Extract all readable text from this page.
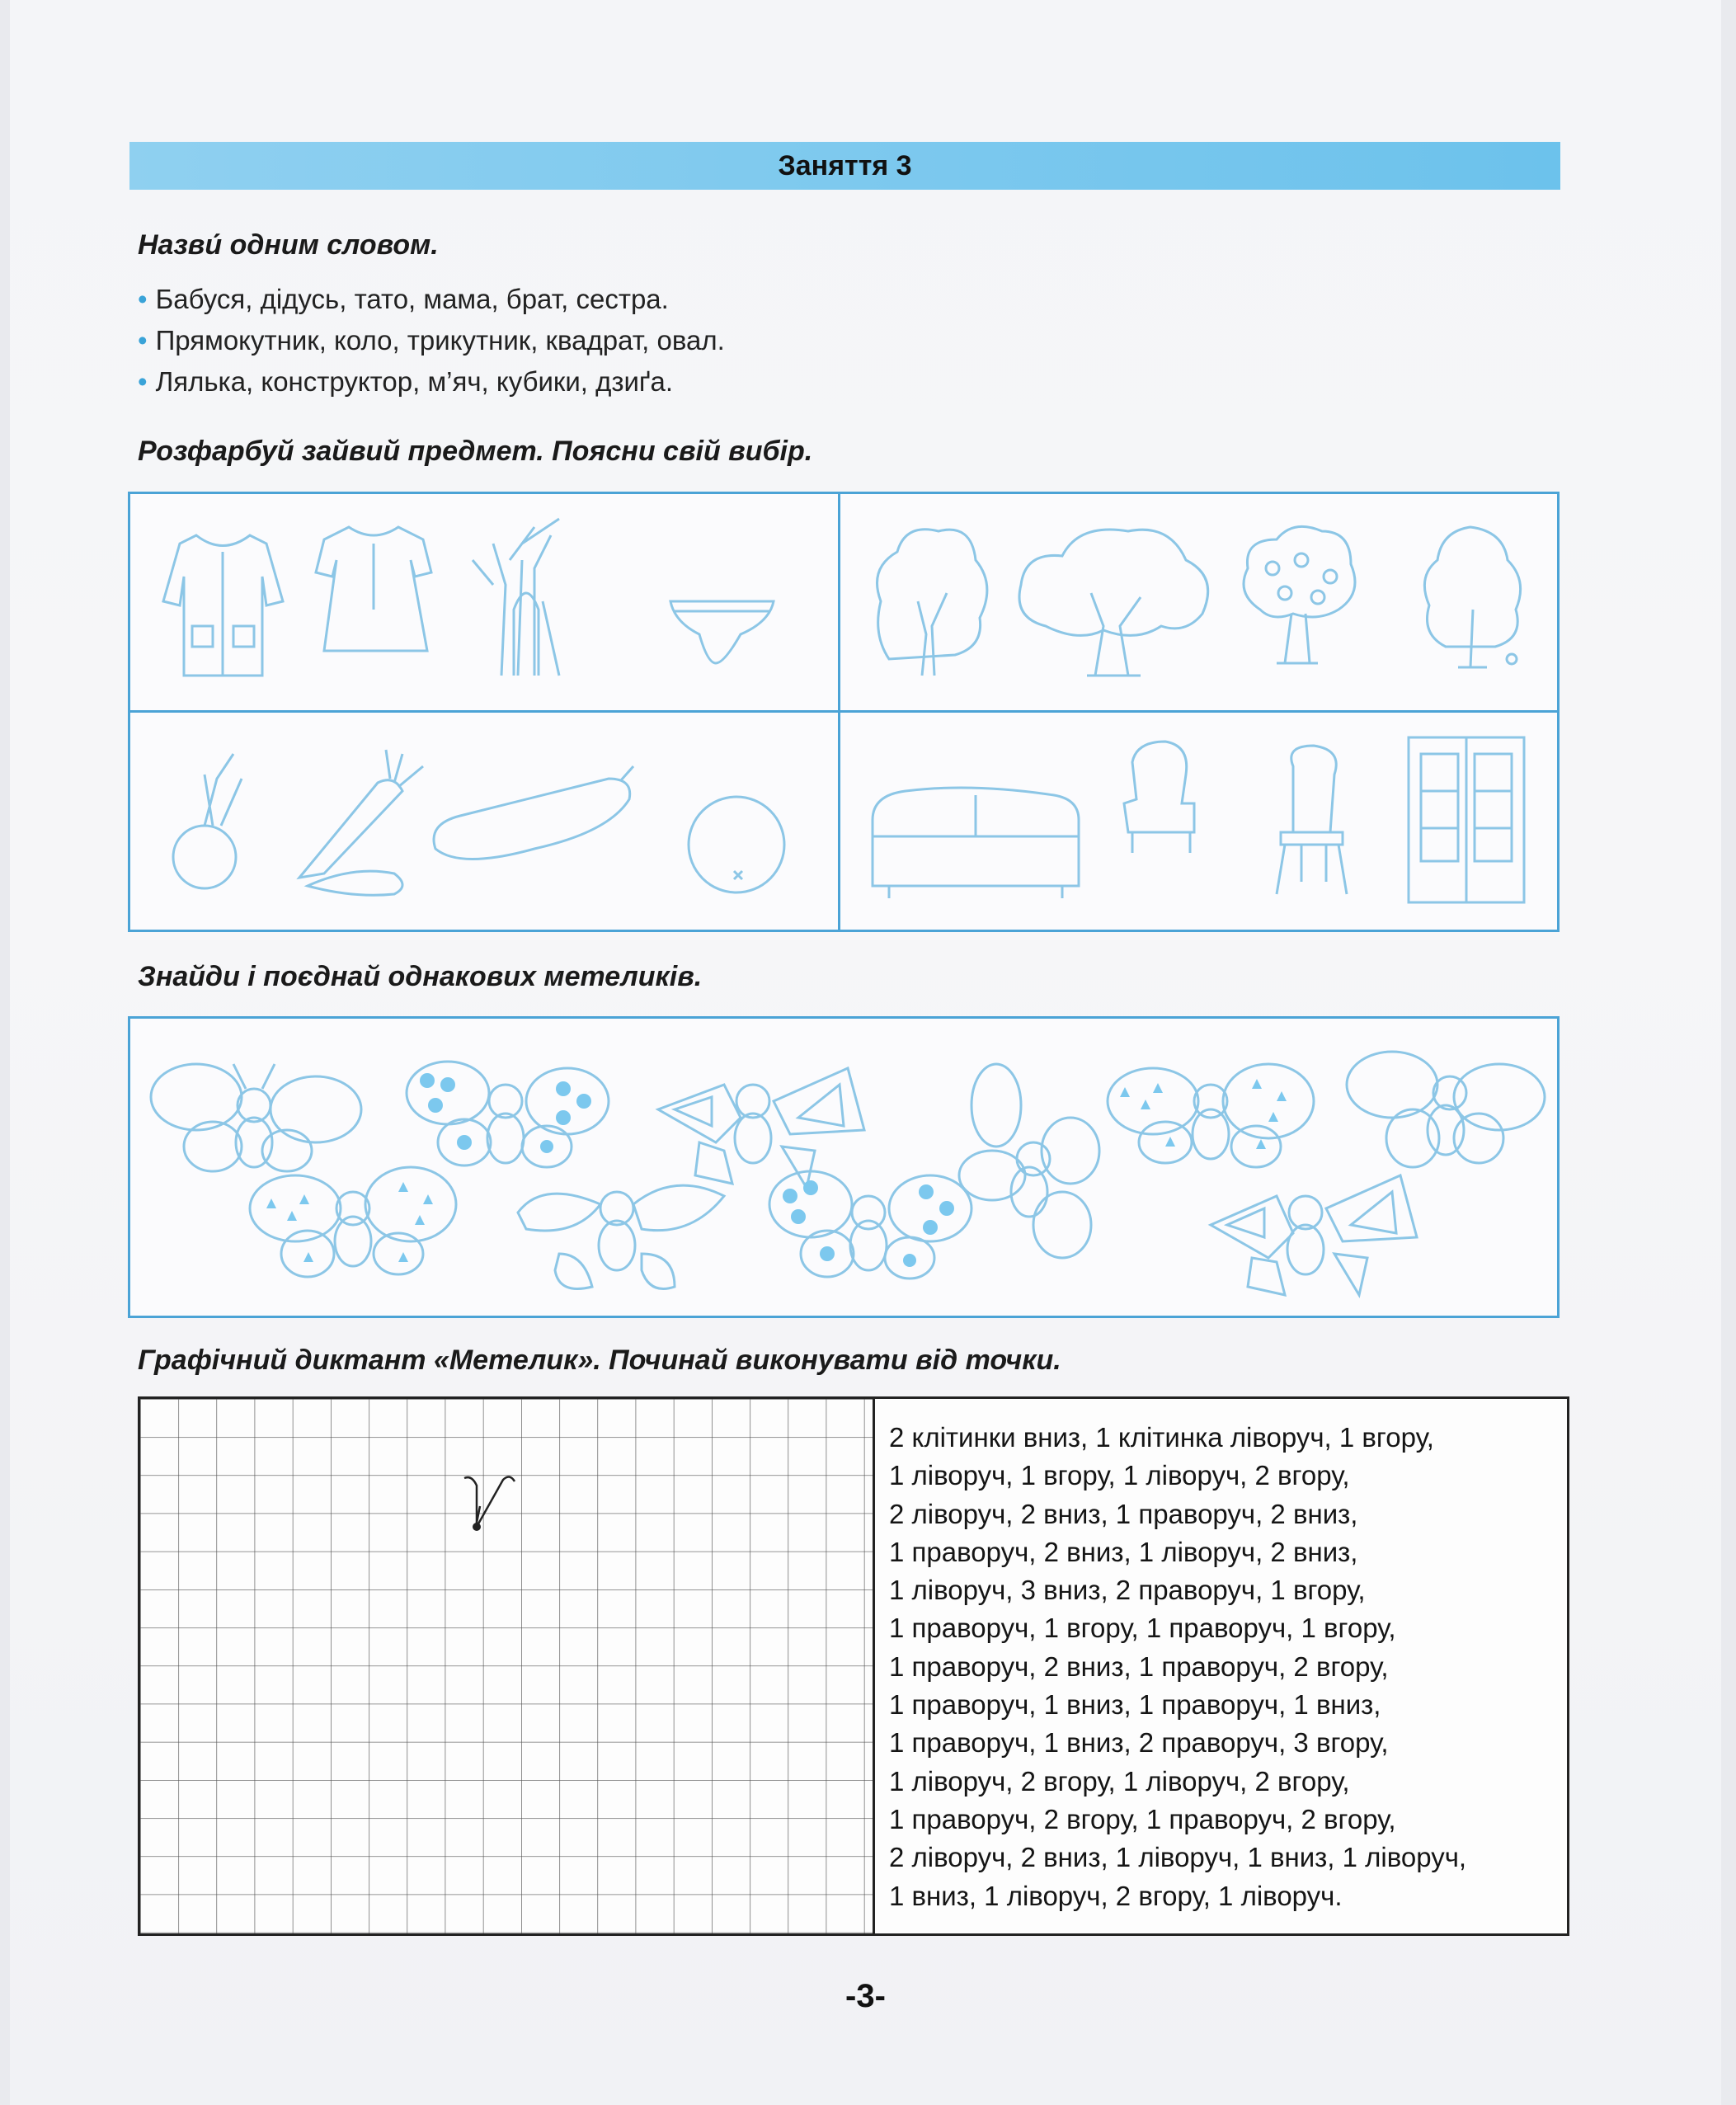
Заняття 3
Назви́ одним словом.
• Бабуся, дідусь, тато, мама, брат, сестра.
• Прямокутник, коло, трикутник, квадрат, овал.
• Лялька, конструктор, м’яч, кубики, дзиґа.
Розфарбуй зайвий предмет. Поясни свій вибір.
Знайди і поєднай однакових метеликів.
Графічний диктант «Метелик». Починай виконувати від точки.
2 клітинки вниз, 1 клітинка ліворуч, 1 вгору,
1 ліворуч, 1 вгору, 1 ліворуч, 2 вгору,
2 ліворуч, 2 вниз, 1 праворуч, 2 вниз,
1 праворуч, 2 вниз, 1 ліворуч, 2 вниз,
1 ліворуч, 3 вниз, 2 праворуч, 1 вгору,
1 праворуч, 1 вгору, 1 праворуч, 1 вгору,
1 праворуч, 2 вниз, 1 праворуч, 2 вгору,
1 праворуч, 1 вниз, 1 праворуч, 1 вниз,
1 праворуч, 1 вниз, 2 праворуч, 3 вгору,
1 ліворуч, 2 вгору, 1 ліворуч, 2 вгору,
1 праворуч, 2 вгору, 1 праворуч, 2 вгору,
2 ліворуч, 2 вниз, 1 ліворуч, 1 вниз, 1 ліворуч,
1 вниз, 1 ліворуч, 2 вгору, 1 ліворуч.
-3-
